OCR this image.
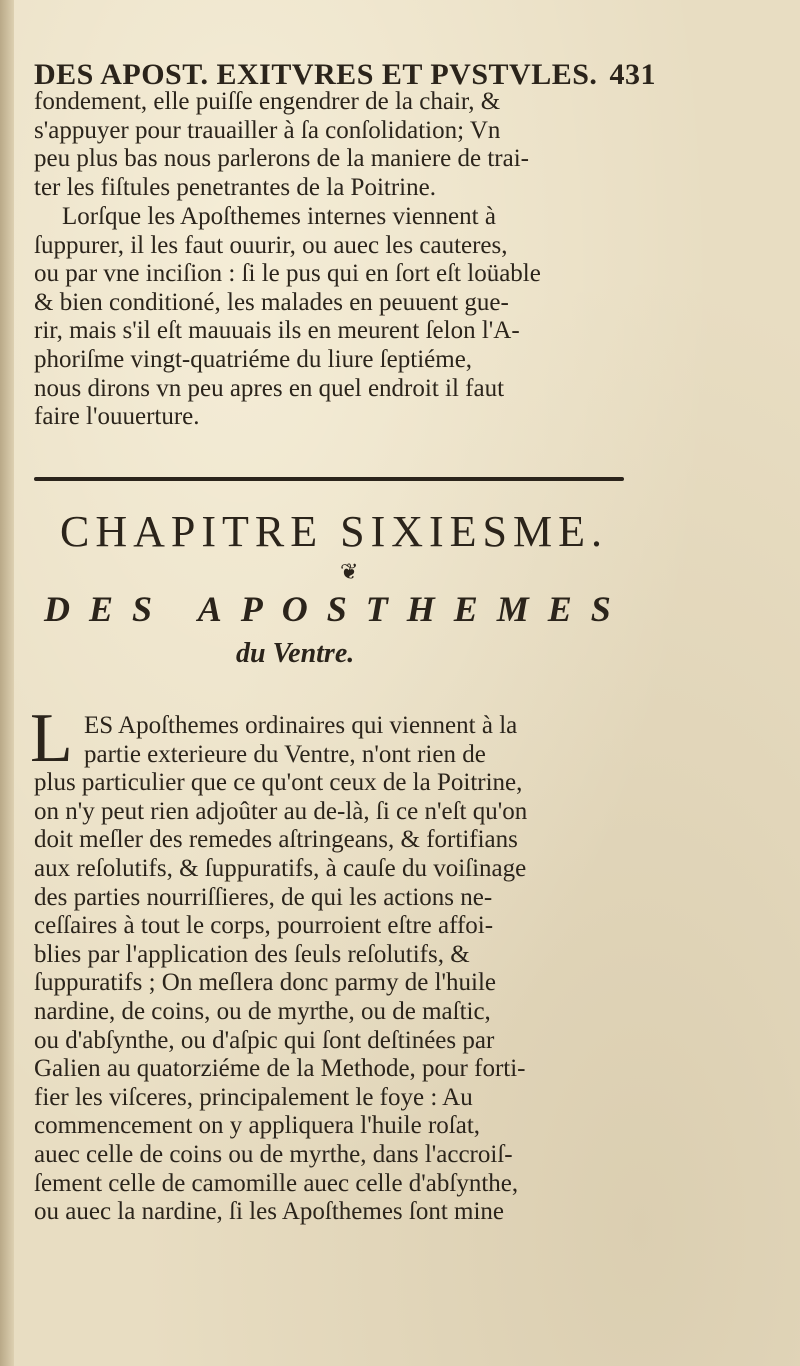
DES APOST. EXITVRES ET PVSTVLES. 431
fondement, elle puiſſe engendrer de la chair, &
s'appuyer pour trauailler à ſa conſolidation; Vn
peu plus bas nous parlerons de la maniere de trai-
ter les fiſtules penetrantes de la Poitrine.
Lorſque les Apoſthemes internes viennent à
ſuppurer, il les faut ouurir, ou auec les cauteres,
ou par vne inciſion : ſi le pus qui en ſort eſt loüable
& bien conditioné, les malades en peuuent gue-
rir, mais s'il eſt mauuais ils en meurent ſelon l'A-
phoriſme vingt-quatriéme du liure ſeptiéme,
nous dirons vn peu apres en quel endroit il faut
faire l'ouuerture.
CHAPITRE SIXIESME.
❦
DES APOSTHEMES
du Ventre.
L ES Apoſthemes ordinaires qui viennent à la
partie exterieure du Ventre, n'ont rien de
plus particulier que ce qu'ont ceux de la Poitrine,
on n'y peut rien adjoûter au de-là, ſi ce n'eſt qu'on
doit meſler des remedes aſtringeans, & fortifians
aux reſolutifs, & ſuppuratifs, à cauſe du voiſinage
des parties nourriſſieres, de qui les actions ne-
ceſſaires à tout le corps, pourroient eſtre affoi-
blies par l'application des ſeuls reſolutifs, &
ſuppuratifs ; On meſlera donc parmy de l'huile
nardine, de coins, ou de myrthe, ou de maſtic,
ou d'abſynthe, ou d'aſpic qui ſont deſtinées par
Galien au quatorziéme de la Methode, pour forti-
fier les viſceres, principalement le foye : Au
commencement on y appliquera l'huile roſat,
auec celle de coins ou de myrthe, dans l'accroiſ-
ſement celle de camomille auec celle d'abſynthe,
ou auec la nardine, ſi les Apoſthemes ſont mine
